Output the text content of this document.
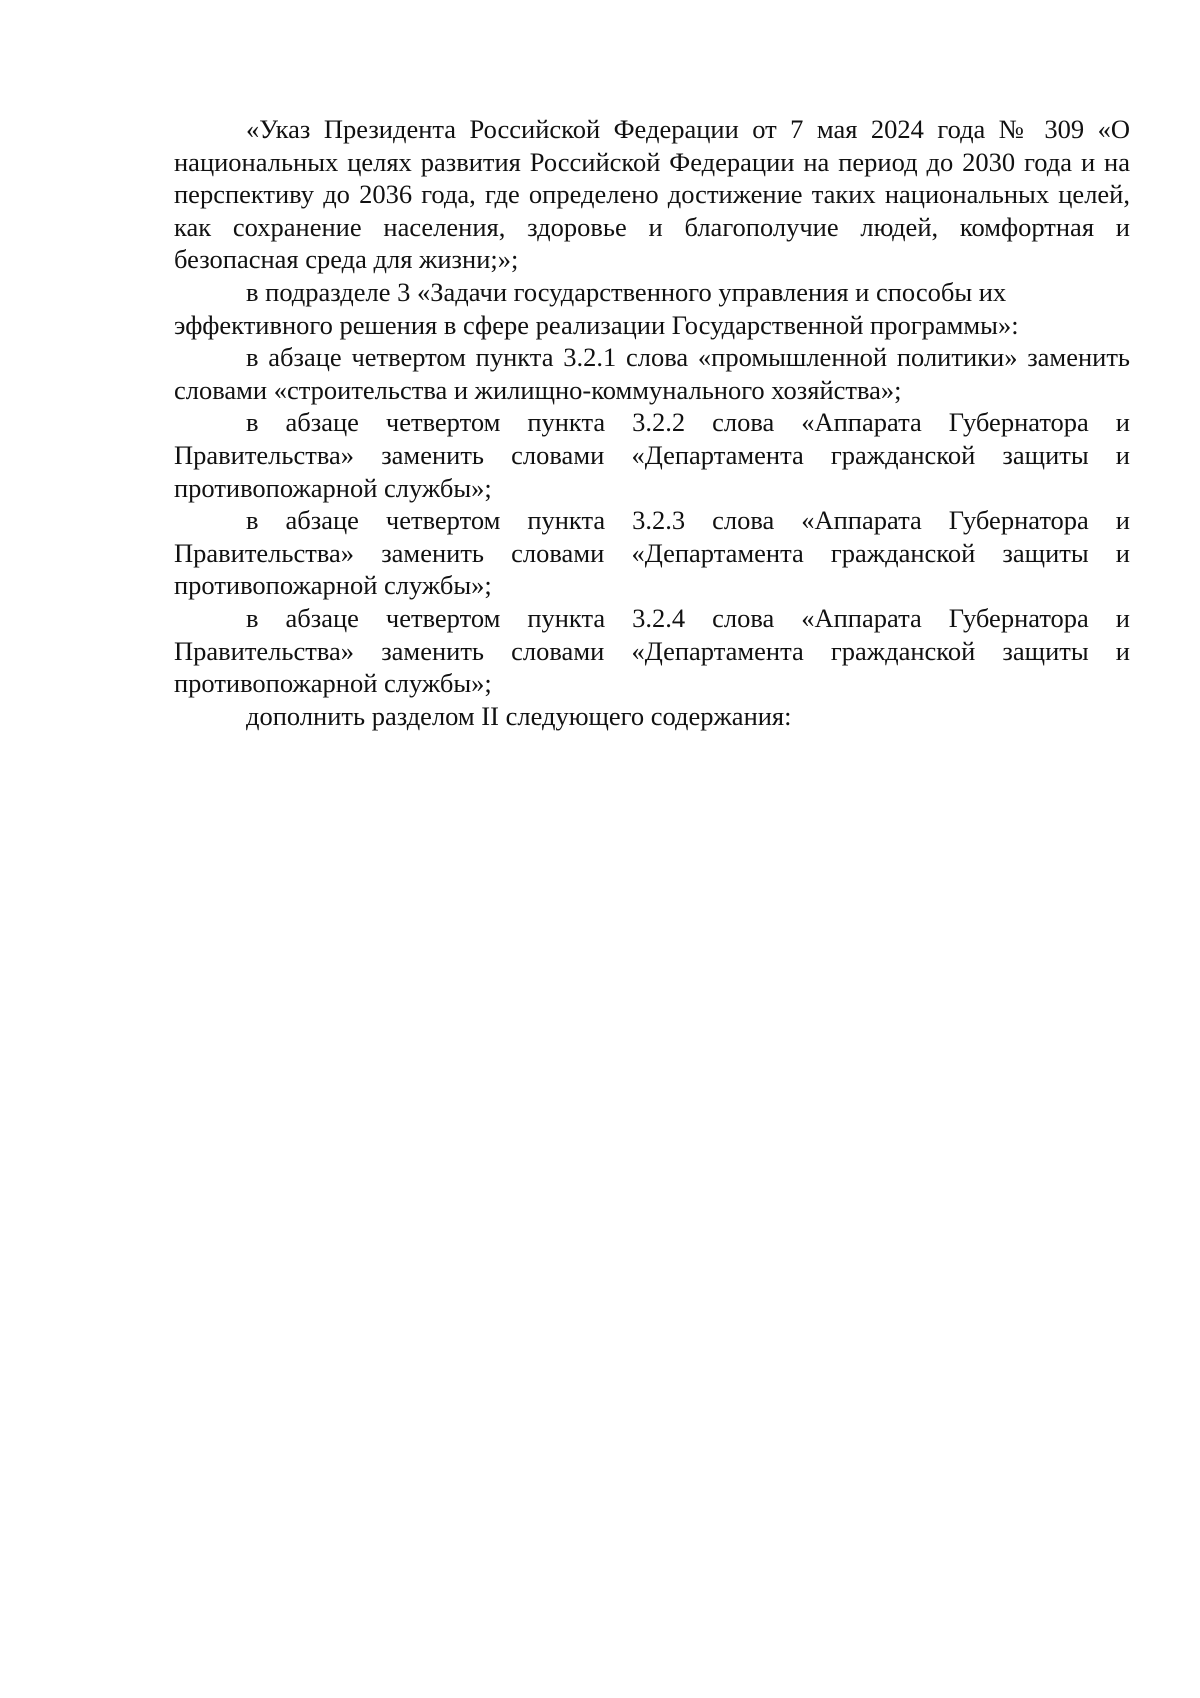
«Указ Президента Российской Федерации от 7 мая 2024 года № 309 «О национальных целях развития Российской Федерации на период до 2030 года и на перспективу до 2036 года, где определено достижение таких национальных целей, как сохранение населения, здоровье и благополучие людей, комфортная и безопасная среда для жизни;»;

в подразделе 3 «Задачи государственного управления и способы их эффективного решения в сфере реализации Государственной программы»:

в абзаце четвертом пункта 3.2.1 слова «промышленной политики» заменить словами «строительства и жилищно-коммунального хозяйства»;

в абзаце четвертом пункта 3.2.2 слова «Аппарата Губернатора и Правительства» заменить словами «Департамента гражданской защиты и противопожарной службы»;

в абзаце четвертом пункта 3.2.3 слова «Аппарата Губернатора и Правительства» заменить словами «Департамента гражданской защиты и противопожарной службы»;

в абзаце четвертом пункта 3.2.4 слова «Аппарата Губернатора и Правительства» заменить словами «Департамента гражданской защиты и противопожарной службы»;

дополнить разделом II следующего содержания:
